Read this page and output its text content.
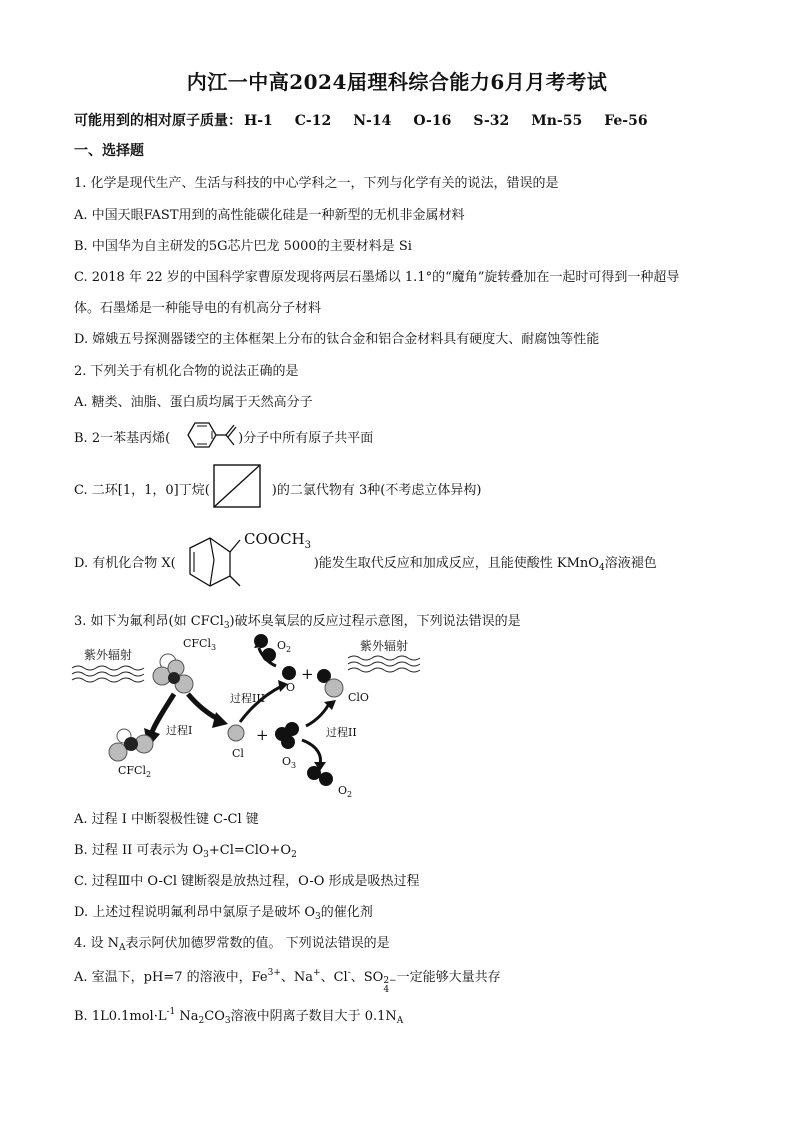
内江一中高2024届理科综合能力6月月考考试
可能用到的相对原子质量： H-1 C-12 N-14 O-16 S-32 Mn-55 Fe-56
一、选择题
1. 化学是现代生产、生活与科技的中心学科之一，下列与化学有关的说法，错误的是
A. 中国天眼FAST用到的高性能碳化硅是一种新型的无机非金属材料
B. 中国华为自主研发的5G芯片巴龙 5000的主要材料是 Si
C. 2018 年 22 岁的中国科学家曹原发现将两层石墨烯以 1.1°的“魔角”旋转叠加在一起时可得到一种超导
体。石墨烯是一种能导电的有机高分子材料
D. 嫦娥五号探测器镂空的主体框架上分布的钛合金和铝合金材料具有硬度大、耐腐蚀等性能
2. 下列关于有机化合物的说法正确的是
A. 糖类、油脂、蛋白质均属于天然高分子
B. 2一苯基丙烯(	)分子中所有原子共平面
C. 二环[1，1，0]丁烷(	)的二氯代物有 3种(不考虑立体异构)
D. 有机化合物 X(	)能发生取代反应和加成反应，且能使酸性 KMnO$_4$溶液褪色
$COOCH_3$
3. 如下为氟利昂(如 CFCl$_3$)破坏臭氧层的反应过程示意图，下列说法错误的是
紫外辐射
CFCl$_3$	$O_2$
O
+
ClO
紫外辐射
过程III
过程I
Cl
+
$O_3$
过程II
CFCl$_2$
$O_2$
A. 过程 I 中断裂极性键 C-Cl 键
B. 过程 II 可表示为 $O_3+Cl=ClO+O_2$
C. 过程Ⅲ中 O-Cl 键断裂是放热过程，O-O 形成是吸热过程
D. 上述过程说明氟利昂中氯原子是破坏 $O_3$的催化剂
4. 设 $N_A$表示阿伏加德罗常数的值。 下列说法错误的是
A. 室温下，pH=7 的溶液中，$Fe^{3+}$、Na+、Cl-、SO 2−
4
一定能够大量共存
B. $1L0.1mol\cdot L^{-1}$ $Na_2CO_3$溶液中阴离子数目大于 $0.1N_A$
